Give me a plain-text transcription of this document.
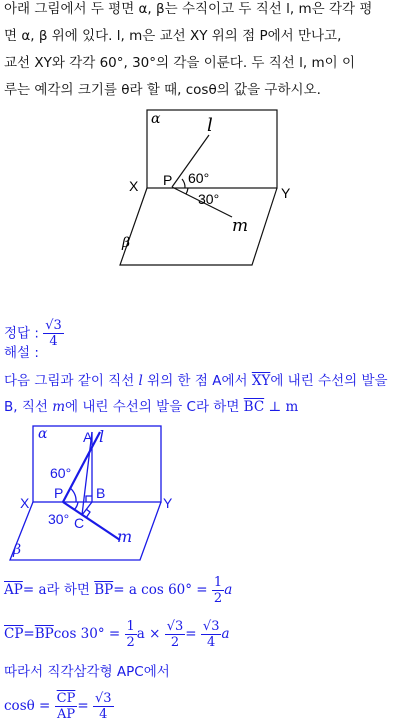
아래 그림에서 두 평면 α, β는 수직이고 두 직선 l, m은 각각 평
면 α, β 위에 있다. l, m은 교선 XY 위의 점 P에서 만나고,
교선 XY와 각각 60°, 30°의 각을 이룬다. 두 직선 l, m이 이
루는 예각의 크기를 θ라 할 때, cosθ의 값을 구하시오.
α	l
60°
P
X	Y
30°
m
β
정답 : $\frac{√3}{4}$
해설 :
다음 그림과 같이 직선 l 위의 한 점 A에서 $\overline{XY}$에 내린 수선의 발을
B, 직선 m에 내린 수선의 발을 C라 하면 $\overline{BC}$ ⊥ m
α	A l
60°
P B
X	Y
30° C
m
β
$\overline{AP}= a$라 하면 $\overline{BP}= a$ $\cos 60^\circ = \frac{1}{2}$ a
$\overline{CP}=\overline{BP}\cos$ $30^\circ = \frac{1}{2}$ $a \times \frac{√3}{2} = \frac{√3}{4}$ a
따라서 직각삼각형 APC에서
$\cos\theta = \frac{\overline{CP}}{AP} = \frac{√3}{4}$
